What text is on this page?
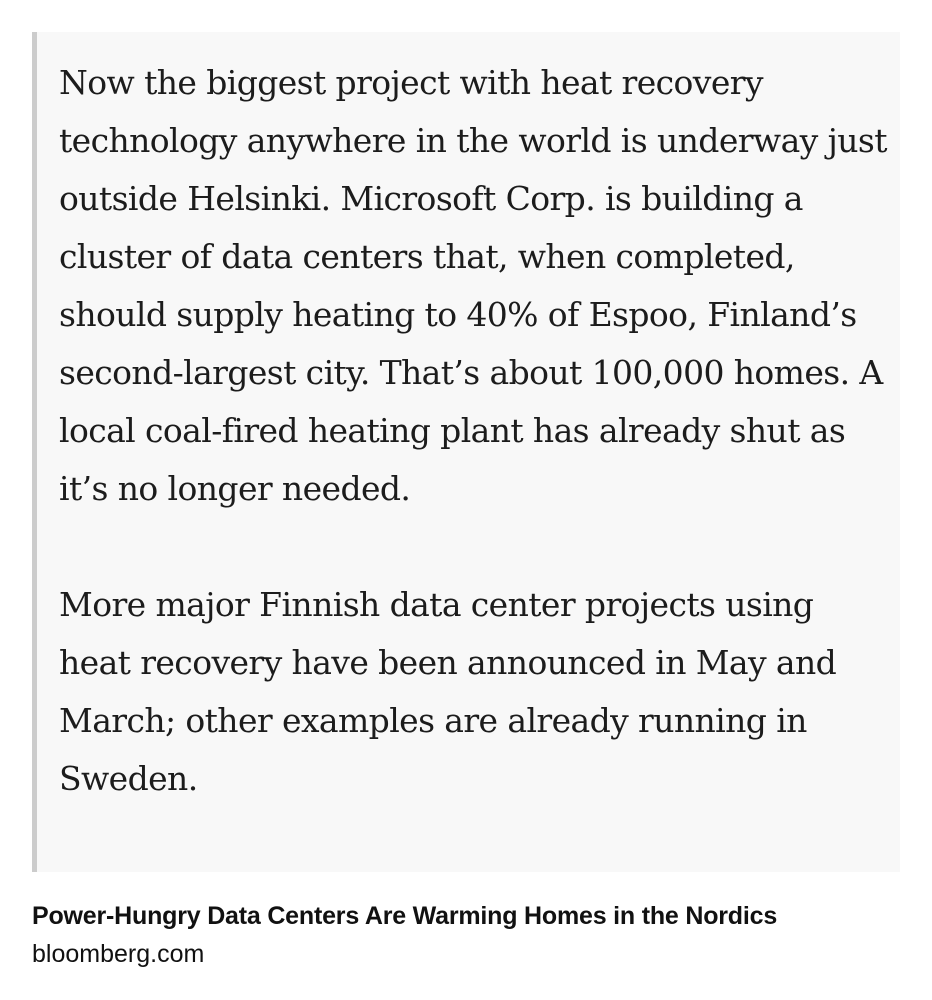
Now the biggest project with heat recovery technology anywhere in the world is underway just outside Helsinki. Microsoft Corp. is building a cluster of data centers that, when completed, should supply heating to 40% of Espoo, Finland’s second-largest city. That’s about 100,000 homes. A local coal-fired heating plant has already shut as it’s no longer needed.

More major Finnish data center projects using heat recovery have been announced in May and March; other examples are already running in Sweden.

Power-Hungry Data Centers Are Warming Homes in the Nordics

bloomberg.com
